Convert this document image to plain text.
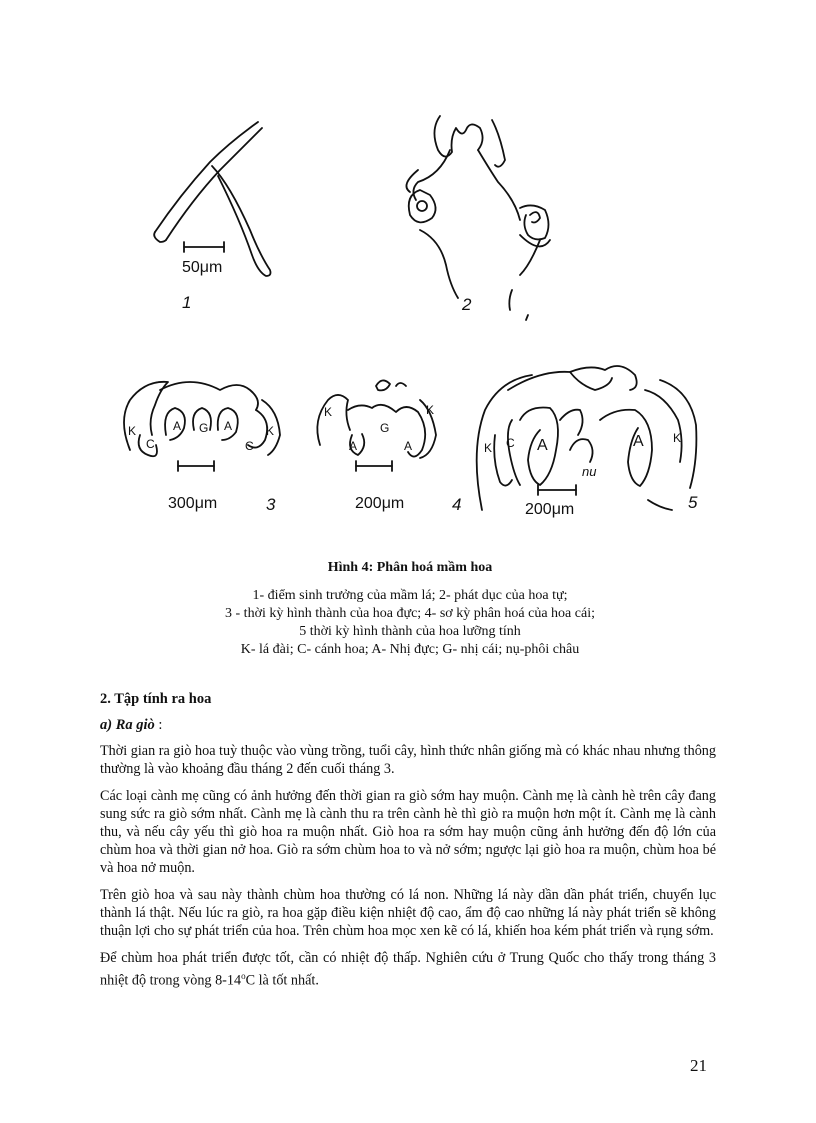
50μm
1	2
K
C
A G A
C
K
300μm	3
K
A
G
A
K
200μm	4
K C A
nu
A K
200μm	5
Hình 4: Phân hoá mầm hoa
1- điểm sinh trưởng của mầm lá; 2- phát dục của hoa tự;
3 - thời kỳ hình thành của hoa đực; 4- sơ kỳ phân hoá của hoa cái;
5 thời kỳ hình thành của hoa lưỡng tính
K- lá đài; C- cánh hoa; A- Nhị đực; G- nhị cái; nụ-phôi châu
2. Tập tính ra hoa
a) Ra giò :

Thời gian ra giò hoa tuỳ thuộc vào vùng trồng, tuổi cây, hình thức nhân giống mà có khác nhau nhưng thông thường là vào khoảng đầu tháng 2 đến cuối tháng 3.

Các loại cành mẹ cũng có ảnh hưởng đến thời gian ra giò sớm hay muộn. Cành mẹ là cành hè trên cây đang sung sức ra giò sớm nhất. Cành mẹ là cành thu ra trên cành hè thì giò ra muộn hơn một ít. Cành mẹ là cành thu, và nếu cây yếu thì giò hoa ra muộn nhất. Giò hoa ra sớm hay muộn cũng ảnh hưởng đến độ lớn của chùm hoa và thời gian nở hoa. Giò ra sớm chùm hoa to và nở sớm; ngược lại giò hoa ra muộn, chùm hoa bé và hoa nở muộn.

Trên giò hoa và sau này thành chùm hoa thường có lá non. Những lá này dần dần phát triển, chuyển lục thành lá thật. Nếu lúc ra giò, ra hoa gặp điều kiện nhiệt độ cao, ẩm độ cao những lá này phát triển sẽ không thuận lợi cho sự phát triển của hoa. Trên chùm hoa mọc xen kẽ có lá, khiến hoa kém phát triển và rụng sớm.

Để chùm hoa phát triển được tốt, cần có nhiệt độ thấp. Nghiên cứu ở Trung Quốc cho thấy trong tháng 3 nhiệt độ trong vòng 8-14$^o$C là tốt nhất.

21
